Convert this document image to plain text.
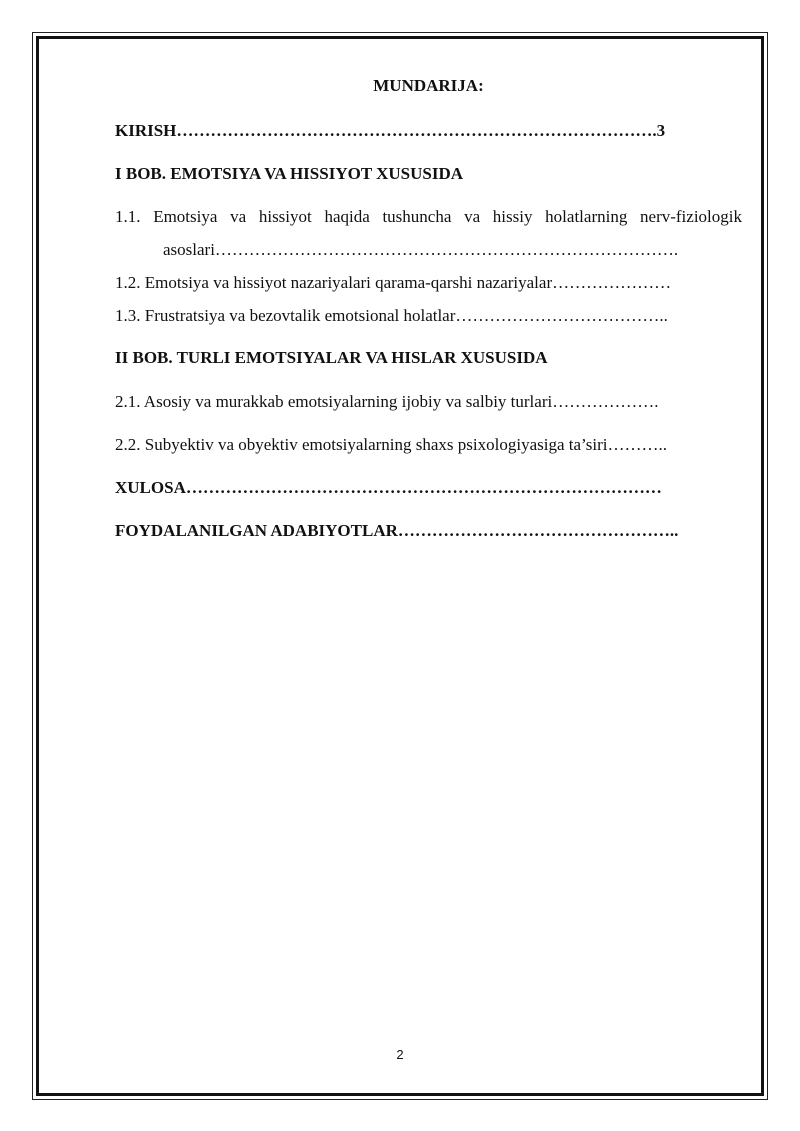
MUNDARIJA:
KIRISH………………………………………………………………………….3
I BOB. EMOTSIYA VA HISSIYOT XUSUSIDA
1.1. Emotsiya va hissiyot haqida tushuncha va hissiy holatlarning nerv-fiziologik
asoslari……………………………………………………………………….
1.2. Emotsiya va hissiyot nazariyalari qarama-qarshi nazariyalar…………………
1.3. Frustratsiya va bezovtalik emotsional holatlar………………………………..
II BOB. TURLI EMOTSIYALAR VA HISLAR XUSUSIDA
2.1. Asosiy va murakkab emotsiyalarning ijobiy va salbiy turlari……………….
2.2. Subyektiv va obyektiv emotsiyalarning shaxs psixologiyasiga ta’siri………..
XULOSA…………………………………………………………………………
FOYDALANILGAN ADABIYOTLAR…………………………………………..
2
